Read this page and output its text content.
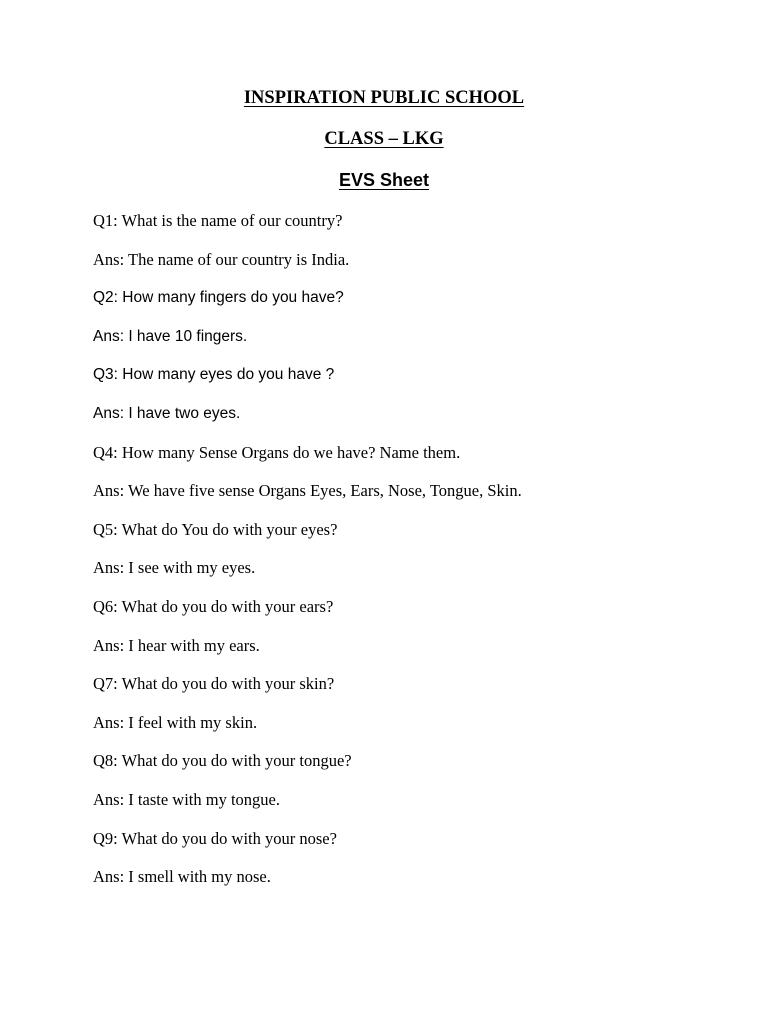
INSPIRATION PUBLIC SCHOOL
CLASS – LKG
EVS Sheet
Q1: What is the name of our country?
Ans: The name of our country is India.
Q2: How many fingers do you have?
Ans: I have 10 fingers.
Q3: How many eyes do you have ?
Ans: I have two eyes.
Q4: How many Sense Organs do we have? Name them.
Ans: We have five sense Organs Eyes, Ears, Nose, Tongue, Skin.
Q5: What do You do with your eyes?
Ans: I see with my eyes.
Q6: What do you do with your ears?
Ans: I hear with my ears.
Q7: What do you do with your skin?
Ans: I feel with my skin.
Q8: What do you do with your tongue?
Ans: I taste with my tongue.
Q9: What do you do with your nose?
Ans: I smell with my nose.
